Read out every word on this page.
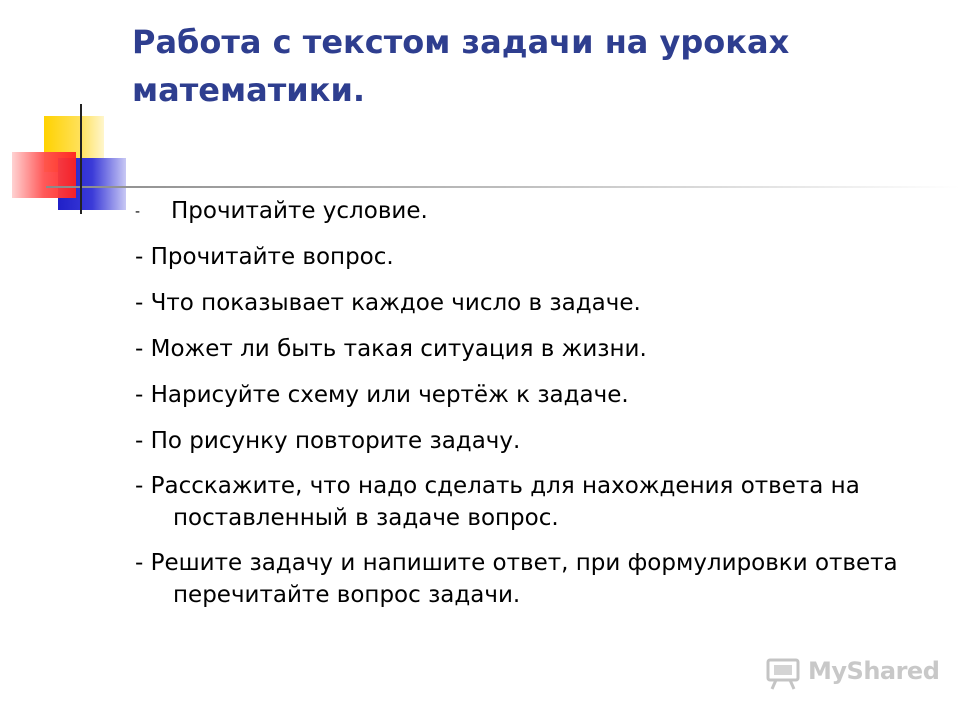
Работа с текстом задачи на уроках математики.
- Прочитайте условие.
- Прочитайте вопрос.
- Что показывает каждое число в задаче.
- Может ли быть такая ситуация в жизни.
- Нарисуйте схему или чертёж к задаче.
- По рисунку повторите задачу.
- Расскажите, что надо сделать для нахождения ответа на поставленный в задаче вопрос.
- Решите задачу и напишите ответ, при формулировки ответа перечитайте вопрос задачи.
MyShared
